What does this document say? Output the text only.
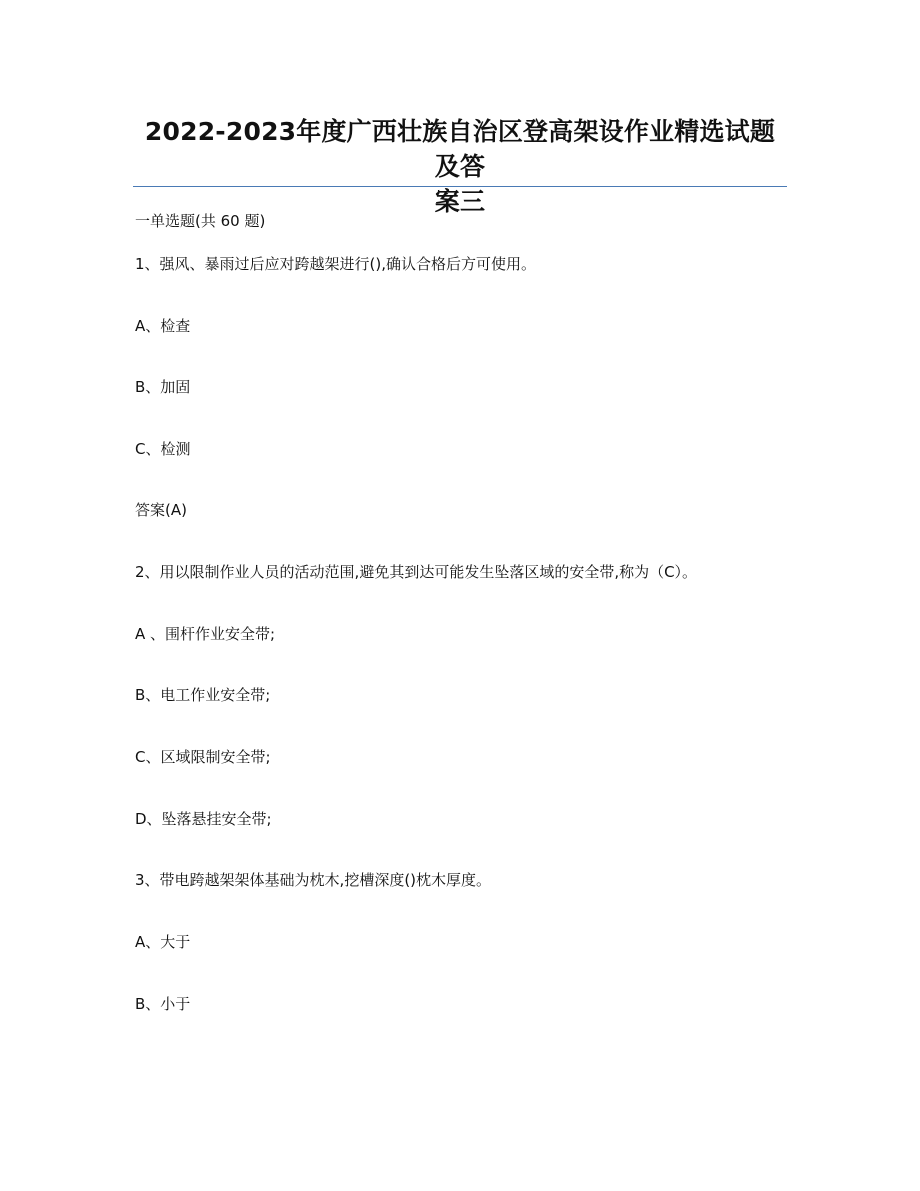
2022-2023年度广西壮族自治区登高架设作业精选试题及答
案三
一单选题(共 60 题)
1、强风、暴雨过后应对跨越架进行(),确认合格后方可使用。
A、检查
B、加固
C、检测
答案(A)
2、用以限制作业人员的活动范围,避免其到达可能发生坠落区域的安全带,称为（C）。
A 、围杆作业安全带;
B、电工作业安全带;
C、区域限制安全带;
D、坠落悬挂安全带;
3、带电跨越架架体基础为枕木,挖槽深度()枕木厚度。
A、大于
B、小于
